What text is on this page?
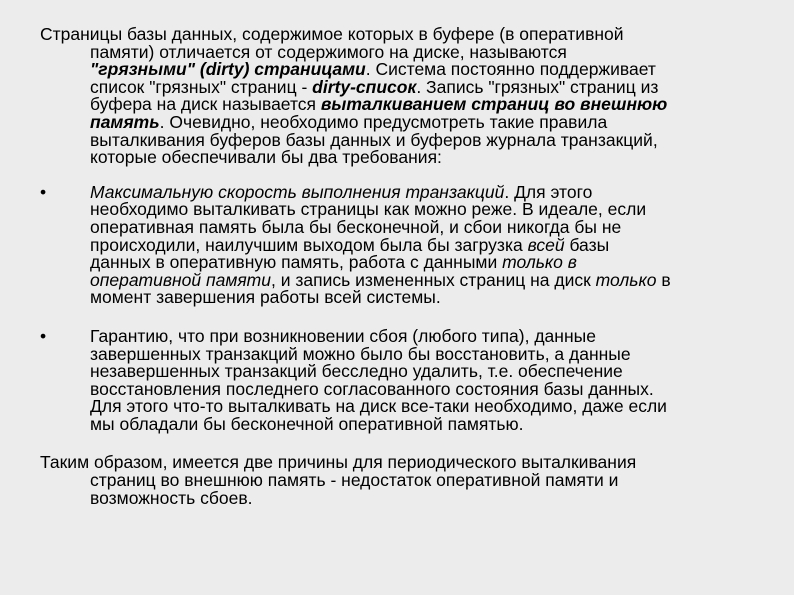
Страницы базы данных, содержимое которых в буфере (в оперативной
памяти) отличается от содержимого на диске, называются
"грязными" (dirty) страницами. Система постоянно поддерживает
список "грязных" страниц - dirty-список. Запись "грязных" страниц из
буфера на диск называется выталкиванием страниц во внешнюю
память. Очевидно, необходимо предусмотреть такие правила
выталкивания буферов базы данных и буферов журнала транзакций,
которые обеспечивали бы два требования:

•	Максимальную скорость выполнения транзакций. Для этого
необходимо выталкивать страницы как можно реже. В идеале, если
оперативная память была бы бесконечной, и сбои никогда бы не
происходили, наилучшим выходом была бы загрузка всей базы
данных в оперативную память, работа с данными только в
оперативной памяти, и запись измененных страниц на диск только в
момент завершения работы всей системы.
•	Гарантию, что при возникновении сбоя (любого типа), данные
завершенных транзакций можно было бы восстановить, а данные
незавершенных транзакций бесследно удалить, т.е. обеспечение
восстановления последнего согласованного состояния базы данных.
Для этого что-то выталкивать на диск все-таки необходимо, даже если
мы обладали бы бесконечной оперативной памятью.

Таким образом, имеется две причины для периодического выталкивания
страниц во внешнюю память - недостаток оперативной памяти и
возможность сбоев.
